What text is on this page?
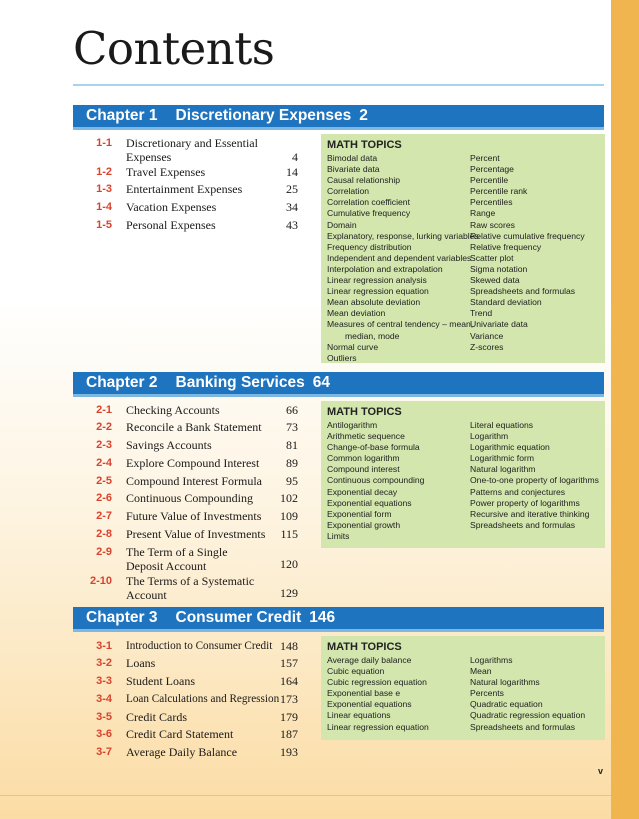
Contents
Chapter 1 Discretionary Expenses 2
1-1 Discretionary and Essential Expenses	4
1-2 Travel Expenses	14
1-3 Entertainment Expenses	25
1-4 Vacation Expenses	34
1-5 Personal Expenses	43
MATH TOPICS
Bimodal data
Bivariate data
Causal relationship
Correlation
Correlation coefficient
Cumulative frequency
Domain
Explanatory, response, lurking variables
Frequency distribution
Independent and dependent variables
Interpolation and extrapolation
Linear regression analysis
Linear regression equation
Mean absolute deviation
Mean deviation
Measures of central tendency – mean,
median, mode
Normal curve
Outliers
Percent
Percentage
Percentile
Percentile rank
Percentiles
Range
Raw scores
Relative cumulative frequency
Relative frequency
Scatter plot
Sigma notation
Skewed data
Spreadsheets and formulas
Standard deviation
Trend
Univariate data
Variance
Z-scores
Chapter 2 Banking Services 64
2-1 Checking Accounts	66
2-2 Reconcile a Bank Statement	73
2-3 Savings Accounts	81
2-4 Explore Compound Interest	89
2-5 Compound Interest Formula	95
2-6 Continuous Compounding	102
2-7 Future Value of Investments	109
2-8 Present Value of Investments	115
2-9 The Term of a Single Deposit Account	120
2-10 The Terms of a Systematic Account	129
MATH TOPICS
Antilogarithm
Arithmetic sequence
Change-of-base formula
Common logarithm
Compound interest
Continuous compounding
Exponential decay
Exponential equations
Exponential form
Exponential growth
Limits
Literal equations
Logarithm
Logarithmic equation
Logarithmic form
Natural logarithm
One-to-one property of logarithms
Patterns and conjectures
Power property of logarithms
Recursive and iterative thinking
Spreadsheets and formulas
Chapter 3 Consumer Credit 146
3-1 Introduction to Consumer Credit 148
3-2 Loans	157
3-3 Student Loans	164
3-4 Loan Calculations and Regression 173
3-5 Credit Cards	179
3-6 Credit Card Statement	187
3-7 Average Daily Balance	193
MATH TOPICS
Average daily balance
Cubic equation
Cubic regression equation
Exponential base e
Exponential equations
Linear equations
Linear regression equation
Logarithms
Mean
Natural logarithms
Percents
Quadratic equation
Quadratic regression equation
Spreadsheets and formulas
v
